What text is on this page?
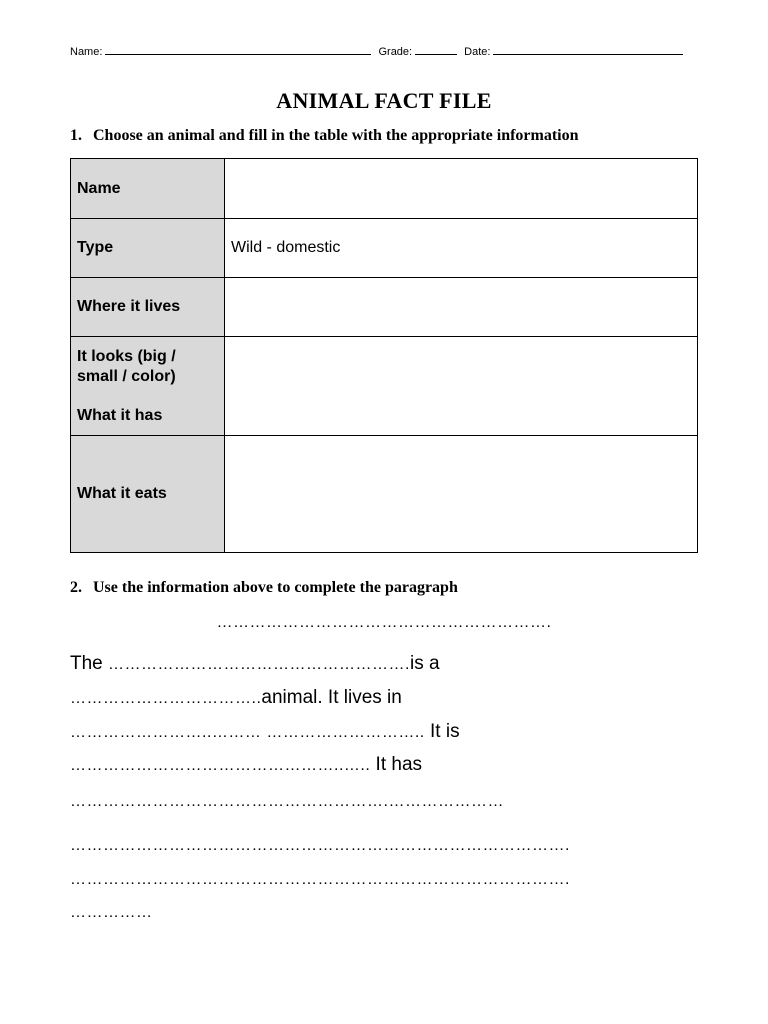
Name:	Grade:	Date:
ANIMAL FACT FILE
1. Choose an animal and fill in the table with the appropriate information
Name	
Type	Wild - domestic
Where it lives	
It looks (big /
small / color)
What it has	
What it eats	
2. Use the information above to complete the paragraph
…………………………………………………….
The ……………………………………………….is a
……………………………..animal. It lives in
……………………..……… ……………………….. It is
…………………………………………..….. It has
………………………………………………….…………………
……………………………………………………………………………….
……………………………………………………………………………….
……………
